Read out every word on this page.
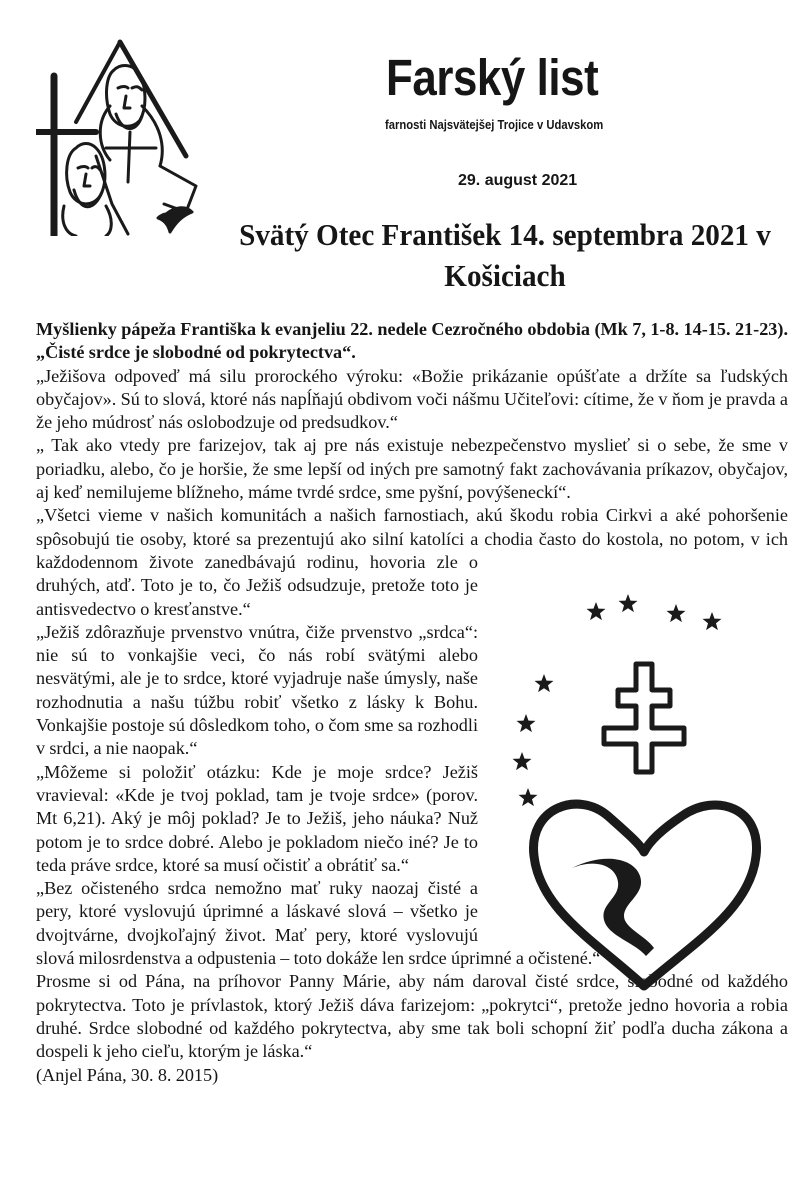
Farský list
farnosti Najsvätejšej Trojice v Udavskom
29. august 2021
Svätý Otec František 14. septembra 2021 v Košiciach

Myšlienky pápeža Františka k evanjeliu 22. nedele Cezročného obdobia (Mk 7, 1-8. 14-15. 21-23). „Čisté srdce je slobodné od pokrytectva“.

„Ježišova odpoveď má silu prorockého výroku: «Božie prikázanie opúšťate a držíte sa ľudských obyčajov». Sú to slová, ktoré nás napĺňajú obdivom voči nášmu Učiteľovi: cítime, že v ňom je pravda a že jeho múdrosť nás oslobodzuje od predsudkov.“

„ Tak ako vtedy pre farizejov, tak aj pre nás existuje nebezpečenstvo myslieť si o sebe, že sme v poriadku, alebo, čo je horšie, že sme lepší od iných pre samotný fakt zachovávania príkazov, obyčajov, aj keď nemilujeme blížneho, máme tvrdé srdce, sme pyšní, povýšeneckí“.

„Všetci vieme v našich komunitách a našich farnostiach, akú škodu robia Cirkvi a aké pohoršenie spôsobujú tie osoby, ktoré sa prezentujú ako silní katolíci a chodia často do kostola, no potom, v ich každodennom živote zanedbávajú rodinu, hovoria zle o druhých, atď. Toto je to, čo Ježiš odsudzuje, pretože toto je antisvedectvo o kresťanstve.“

„Ježiš zdôrazňuje prvenstvo vnútra, čiže prvenstvo „srdca“: nie sú to vonkajšie veci, čo nás robí svätými alebo nesvätými, ale je to srdce, ktoré vyjadruje naše úmysly, naše rozhodnutia a našu túžbu robiť všetko z lásky k Bohu. Vonkajšie postoje sú dôsledkom toho, o čom sme sa rozhodli v srdci, a nie naopak.“

„Môžeme si položiť otázku: Kde je moje srdce? Ježiš vravieval: «Kde je tvoj poklad, tam je tvoje srdce» (porov. Mt 6,21). Aký je môj poklad? Je to Ježiš, jeho náuka? Nuž potom je to srdce dobré. Alebo je pokladom niečo iné? Je to teda práve srdce, ktoré sa musí očistiť a obrátiť sa.“

„Bez očisteného srdca nemožno mať ruky naozaj čisté a pery, ktoré vyslovujú úprimné a láskavé slová – všetko je dvojtvárne, dvojkoľajný život. Mať pery, ktoré vyslovujú slová milosrdenstva a odpustenia – toto dokáže len srdce úprimné a očistené.“

Prosme si od Pána, na príhovor Panny Márie, aby nám daroval čisté srdce, slobodné od každého pokrytectva. Toto je prívlastok, ktorý Ježiš dáva farizejom: „pokrytci“, pretože jedno hovoria a robia druhé. Srdce slobodné od každého pokrytectva, aby sme tak boli schopní žiť podľa ducha zákona a dospeli k jeho cieľu, ktorým je láska.“

(Anjel Pána, 30. 8. 2015)
